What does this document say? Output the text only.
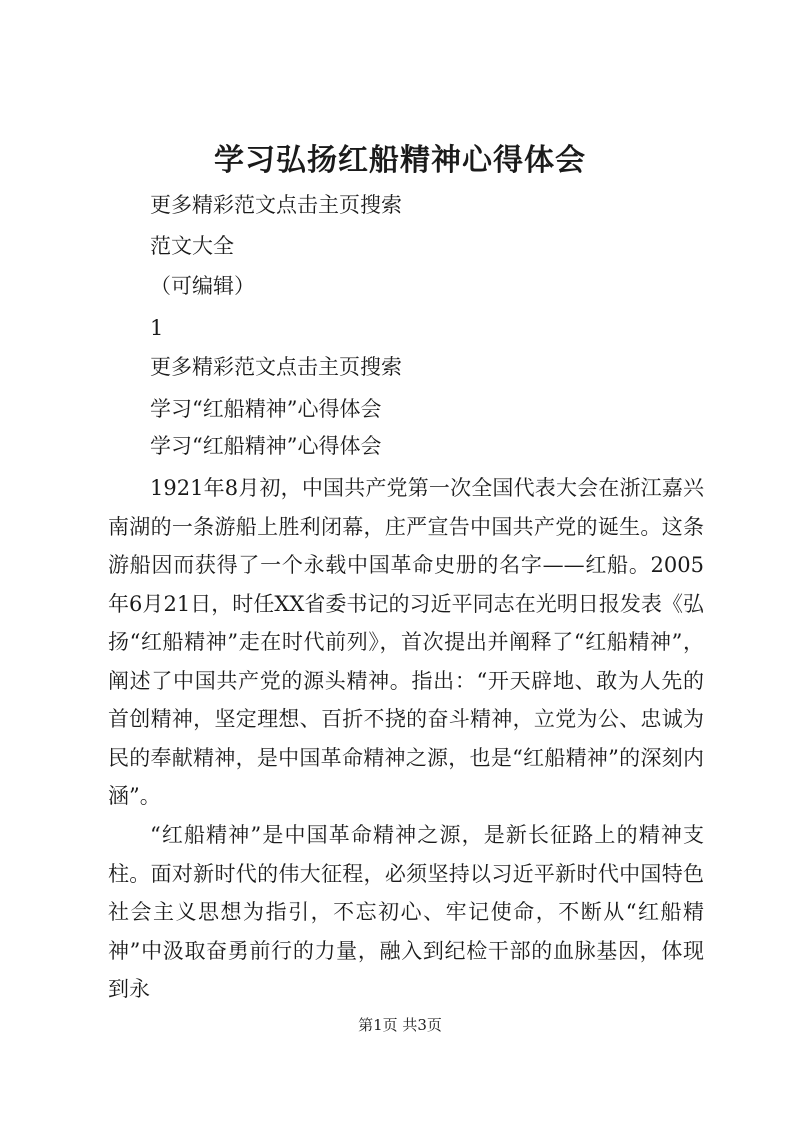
学习弘扬红船精神心得体会
更多精彩范文点击主页搜索
范文大全
（可编辑）
1
更多精彩范文点击主页搜索
学习“红船精神”心得体会
学习“红船精神”心得体会

1921年8月初，中国共产党第一次全国代表大会在浙江嘉兴南湖的一条游船上胜利闭幕，庄严宣告中国共产党的诞生。这条游船因而获得了一个永载中国革命史册的名字——红船。2005年6月21日，时任XX省委书记的习近平同志在光明日报发表《弘扬“红船精神”走在时代前列》，首次提出并阐释了“红船精神”，阐述了中国共产党的源头精神。指出：“开天辟地、敢为人先的首创精神，坚定理想、百折不挠的奋斗精神，立党为公、忠诚为民的奉献精神，是中国革命精神之源，也是“红船精神”的深刻内涵”。

“红船精神”是中国革命精神之源，是新长征路上的精神支柱。面对新时代的伟大征程，必须坚持以习近平新时代中国特色社会主义思想为指引，不忘初心、牢记使命，不断从“红船精神”中汲取奋勇前行的力量，融入到纪检干部的血脉基因，体现到永

第1页 共3页
